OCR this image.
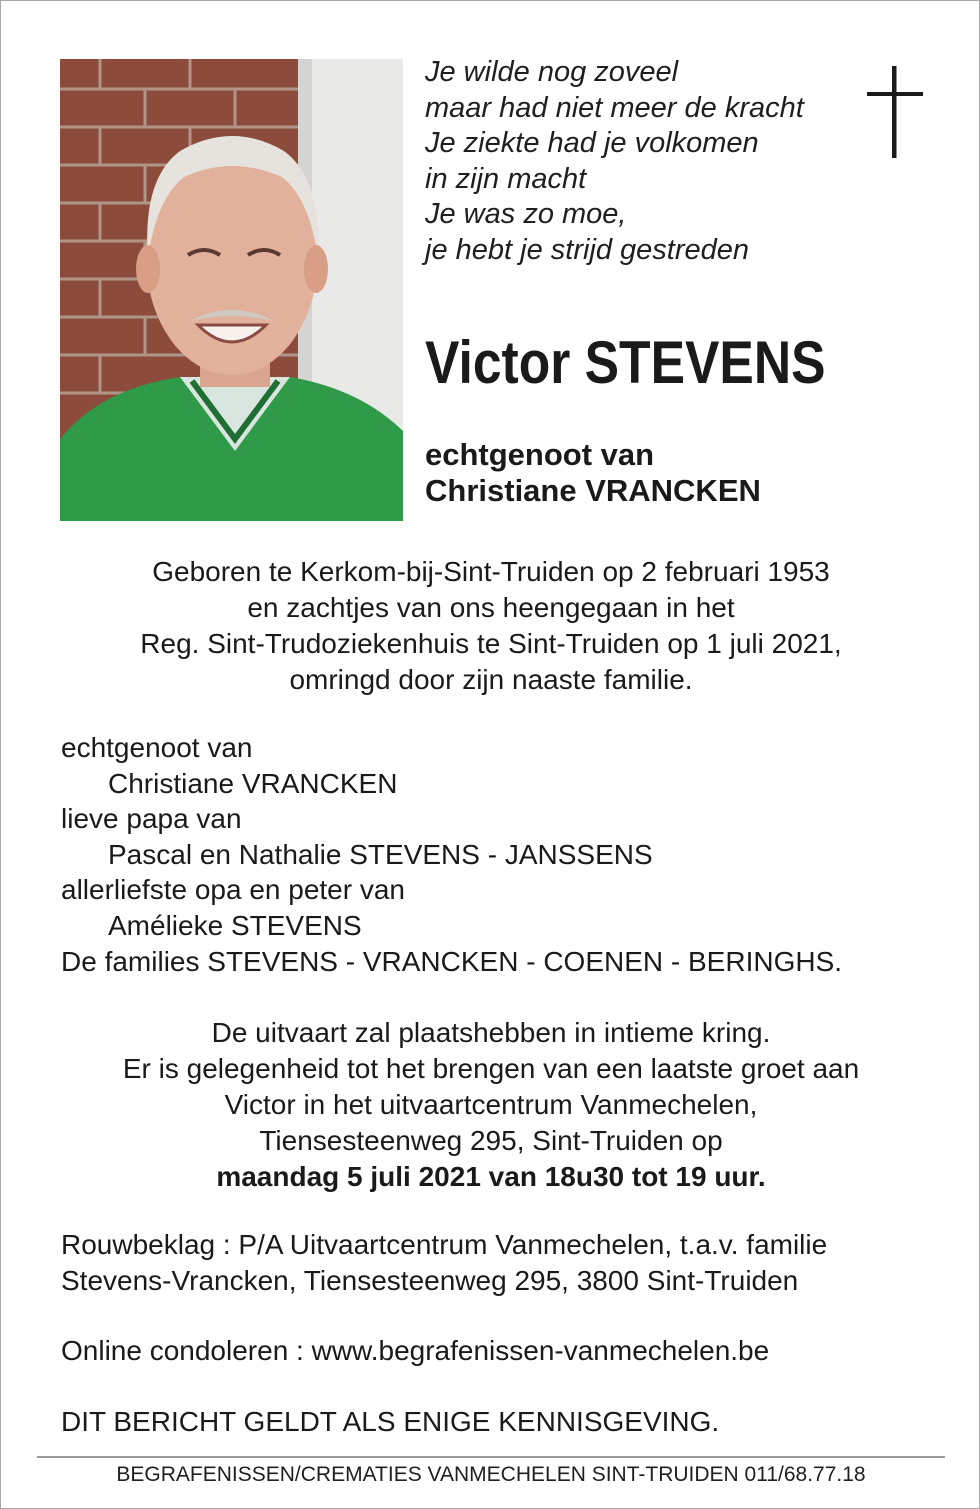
Je wilde nog zoveel
maar had niet meer de kracht
Je ziekte had je volkomen
in zijn macht
Je was zo moe,
je hebt je strijd gestreden
Victor STEVENS
echtgenoot van
Christiane VRANCKEN
Geboren te Kerkom-bij-Sint-Truiden op 2 februari 1953
en zachtjes van ons heengegaan in het
Reg. Sint-Trudoziekenhuis te Sint-Truiden op 1 juli 2021,
omringd door zijn naaste familie.
echtgenoot van
Christiane VRANCKEN
lieve papa van
Pascal en Nathalie STEVENS - JANSSENS
allerliefste opa en peter van
Amélieke STEVENS
De families STEVENS - VRANCKEN - COENEN - BERINGHS.
De uitvaart zal plaatshebben in intieme kring.
Er is gelegenheid tot het brengen van een laatste groet aan
Victor in het uitvaartcentrum Vanmechelen,
Tiensesteenweg 295, Sint-Truiden op
maandag 5 juli 2021 van 18u30 tot 19 uur.
Rouwbeklag : P/A Uitvaartcentrum Vanmechelen, t.a.v. familie
Stevens-Vrancken, Tiensesteenweg 295, 3800 Sint-Truiden
Online condoleren : www.begrafenissen-vanmechelen.be
DIT BERICHT GELDT ALS ENIGE KENNISGEVING.
BEGRAFENISSEN/CREMATIES VANMECHELEN SINT-TRUIDEN 011/68.77.18
